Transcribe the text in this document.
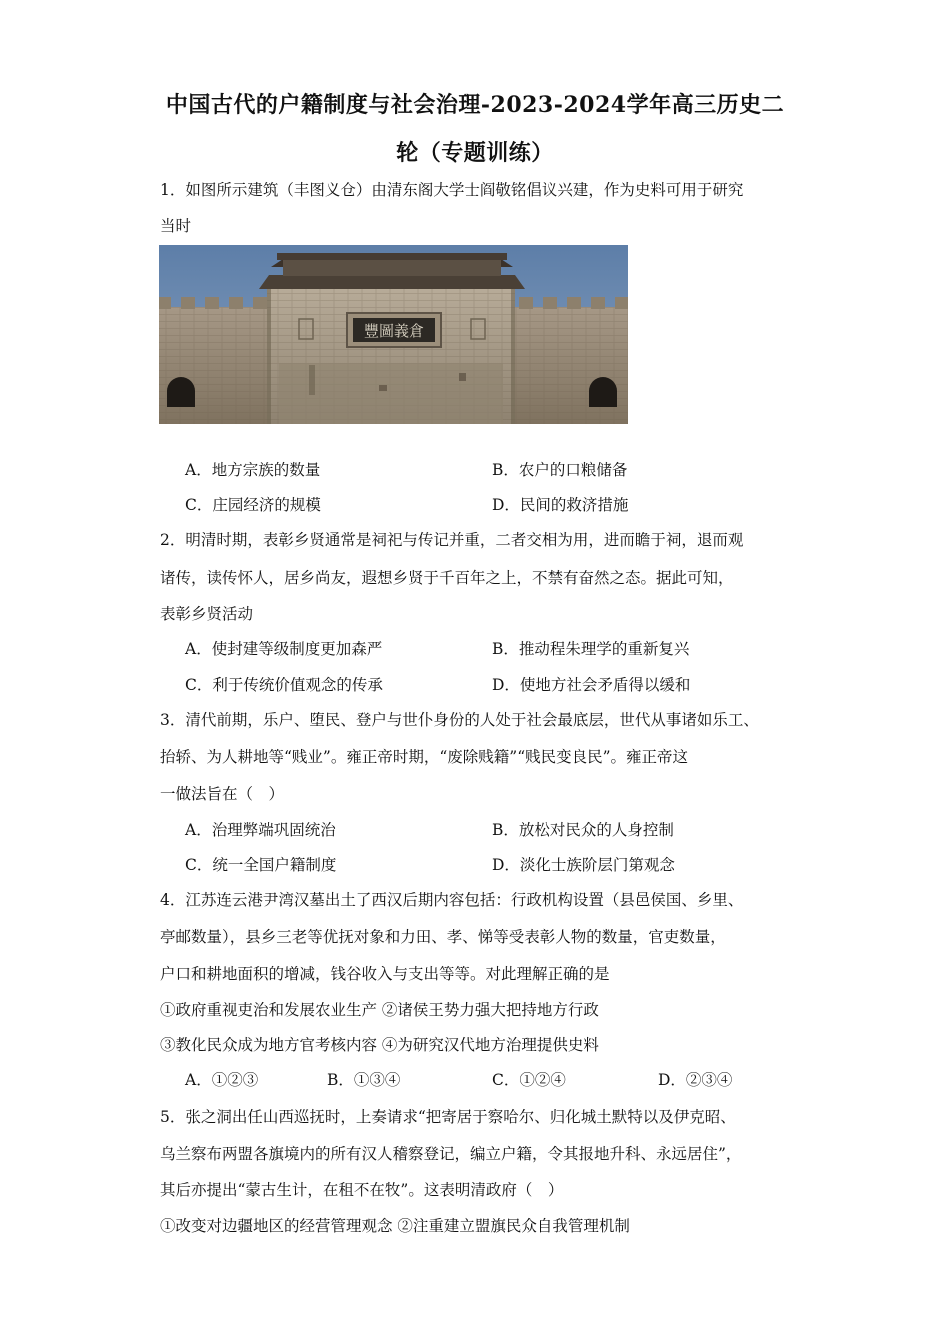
中国古代的户籍制度与社会治理-2023-2024学年高三历史二
轮（专题训练）
1．如图所示建筑（丰图义仓）由清东阁大学士阎敬铭倡议兴建，作为史料可用于研究
当时
豐圖義倉
A．地方宗族的数量	B．农户的口粮储备
C．庄园经济的规模	D．民间的救济措施
2．明清时期，表彰乡贤通常是祠祀与传记并重，二者交相为用，进而瞻于祠，退而观
诸传，读传怀人，居乡尚友，遐想乡贤于千百年之上，不禁有奋然之态。据此可知，
表彰乡贤活动
A．使封建等级制度更加森严	B．推动程朱理学的重新复兴
C．利于传统价值观念的传承	D．使地方社会矛盾得以缓和
3．清代前期，乐户、堕民、登户与世仆身份的人处于社会最底层，世代从事诸如乐工、
抬轿、为人耕地等“贱业”。雍正帝时期，“废除贱籍”“贱民变良民”。雍正帝这
一做法旨在（　）
A．治理弊端巩固统治	B．放松对民众的人身控制
C．统一全国户籍制度	D．淡化士族阶层门第观念
4．江苏连云港尹湾汉墓出土了西汉后期内容包括：行政机构设置（县邑侯国、乡里、
亭邮数量），县乡三老等优抚对象和力田、孝、悌等受表彰人物的数量，官吏数量，
户口和耕地面积的增减，钱谷收入与支出等等。对此理解正确的是
①政府重视吏治和发展农业生产 ②诸侯王势力强大把持地方行政
③教化民众成为地方官考核内容 ④为研究汉代地方治理提供史料
A．①②③	B．①③④	C．①②④	D．②③④
5．张之洞出任山西巡抚时，上奏请求“把寄居于察哈尔、归化城土默特以及伊克昭、
乌兰察布两盟各旗境内的所有汉人稽察登记，编立户籍，令其报地升科、永远居住”，
其后亦提出“蒙古生计，在租不在牧”。这表明清政府（　）
①改变对边疆地区的经营管理观念 ②注重建立盟旗民众自我管理机制
